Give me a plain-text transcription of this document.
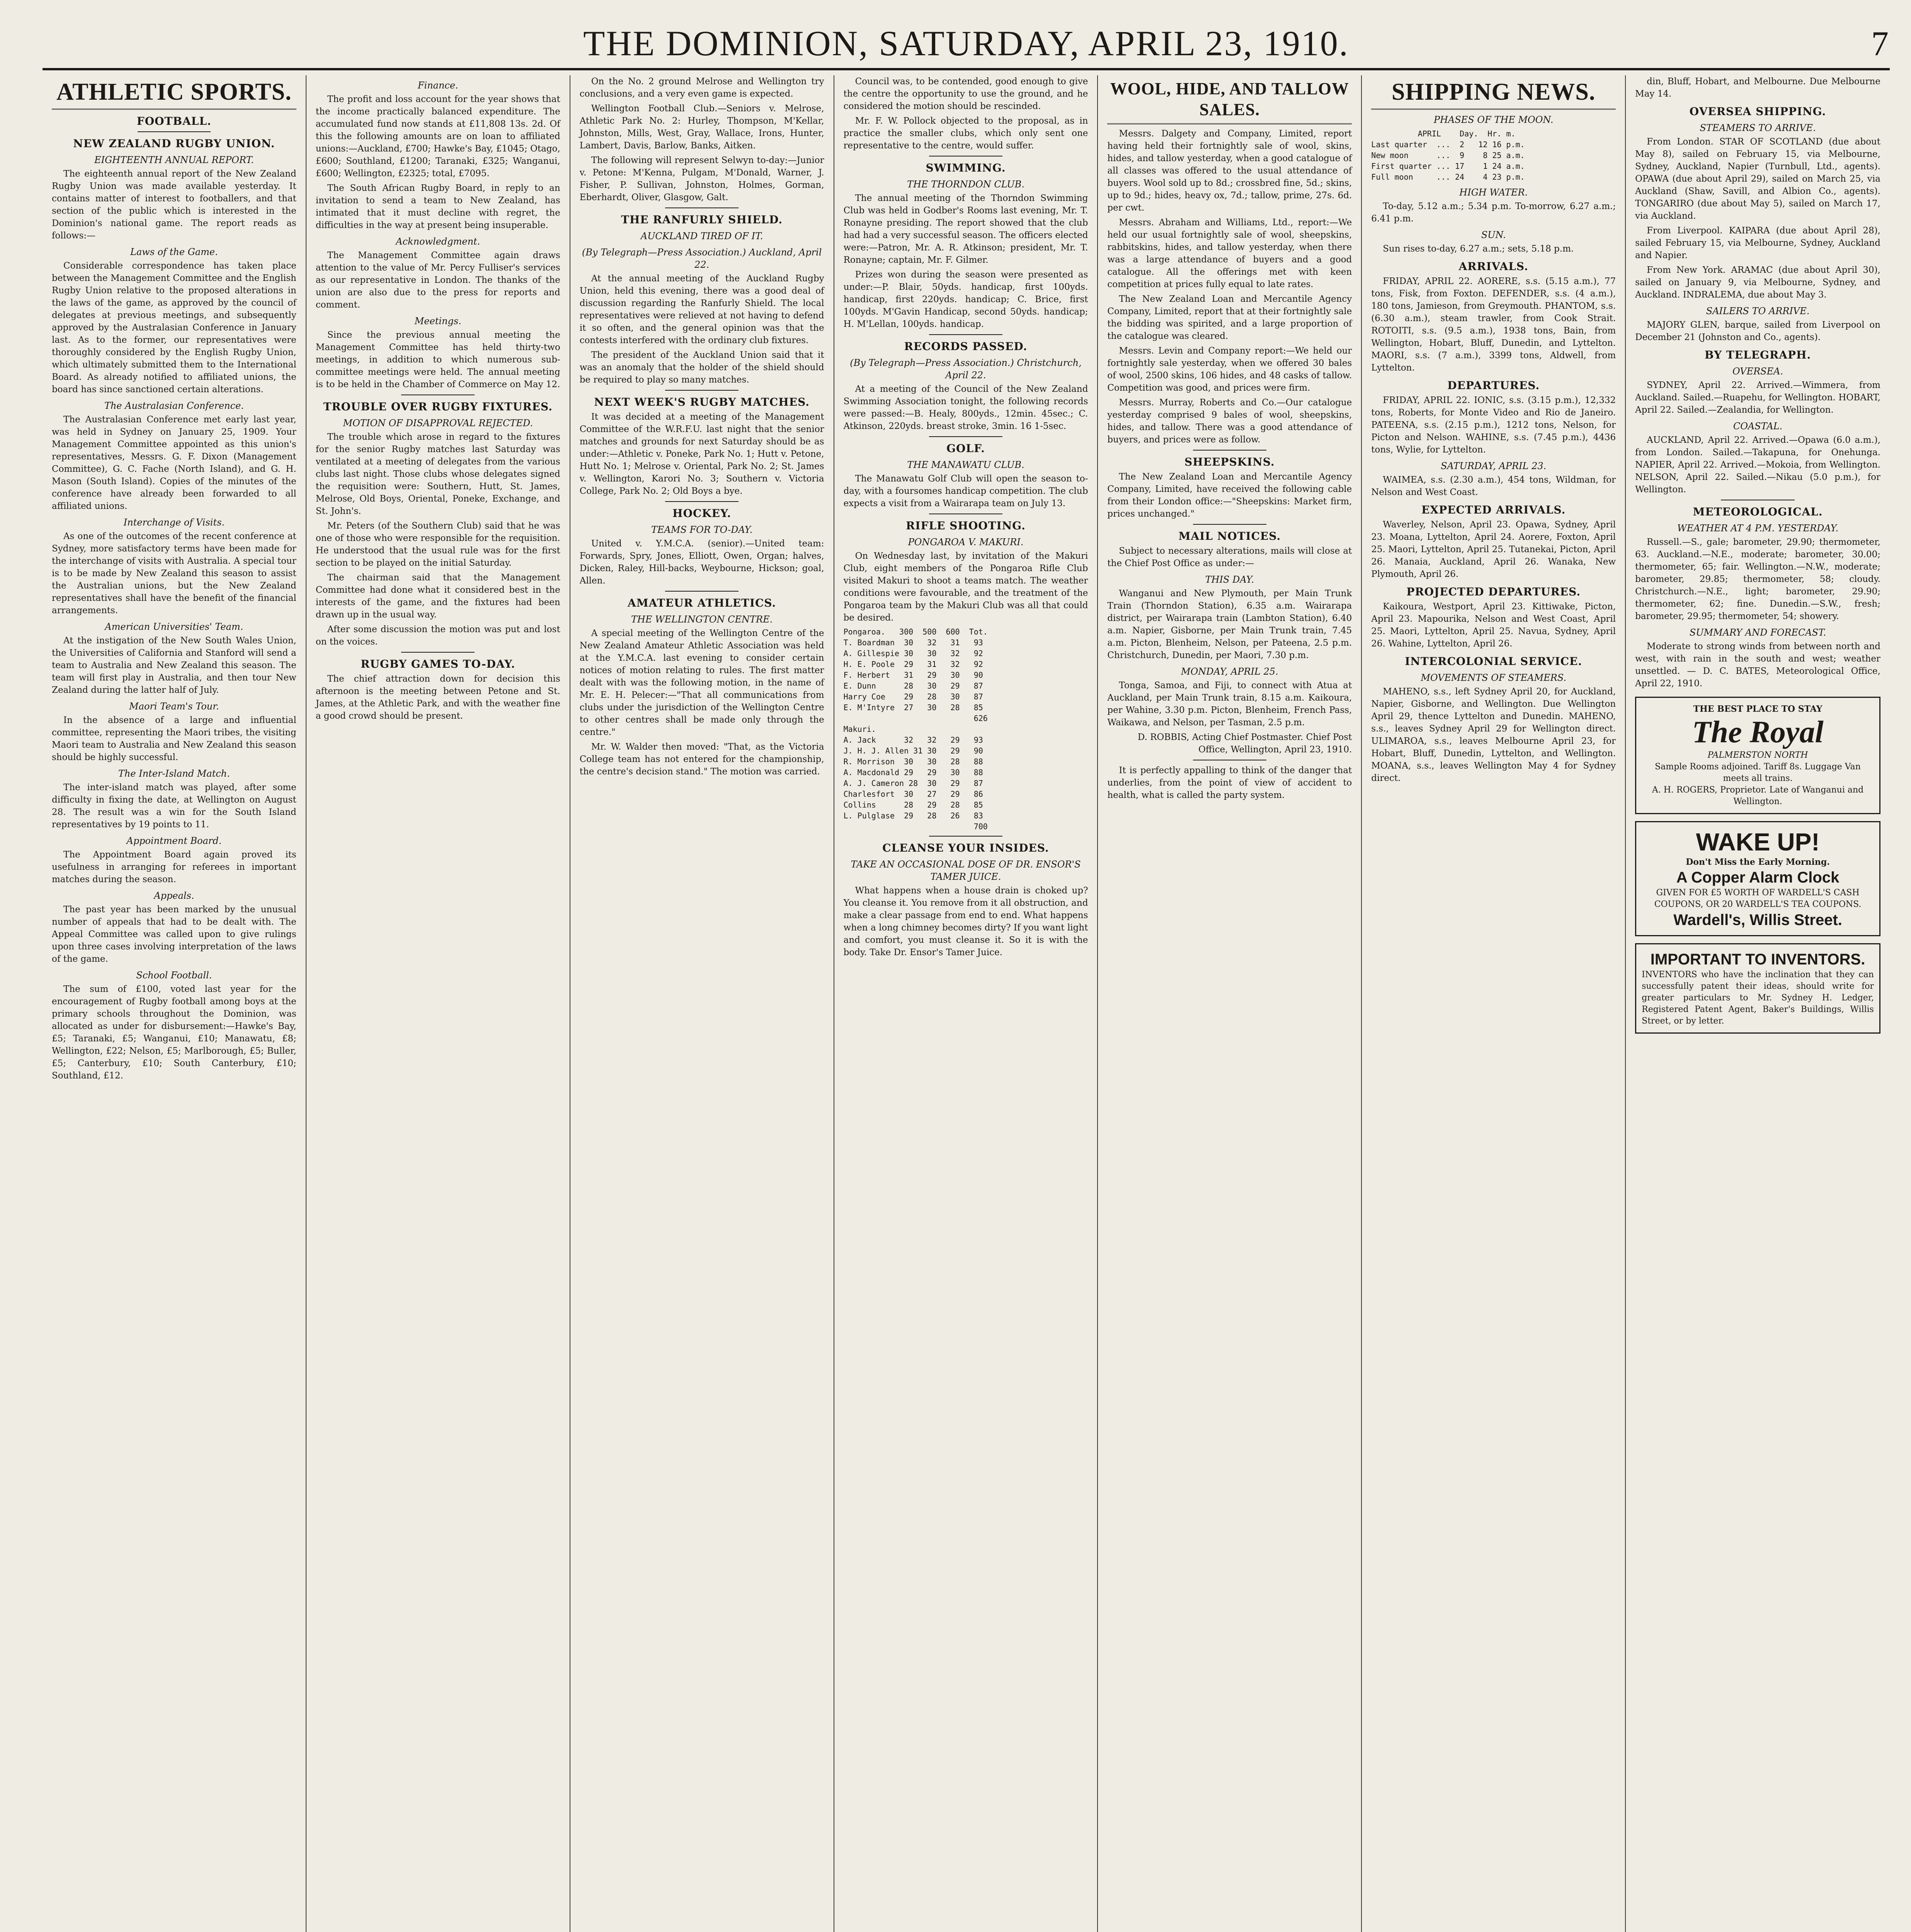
THE DOMINION, SATURDAY, APRIL 23, 1910.	7
ATHLETIC SPORTS.
FOOTBALL.
NEW ZEALAND RUGBY UNION.
EIGHTEENTH ANNUAL REPORT.

The eighteenth annual report of the New Zealand Rugby Union was made available yesterday. It contains matter of interest to footballers, and that section of the public which is interested in the Dominion's national game. The report reads as follows:—

Laws of the Game.

Considerable correspondence has taken place between the Management Committee and the English Rugby Union relative to the proposed alterations in the laws of the game, as approved by the council of delegates at previous meetings, and subsequently approved by the Australasian Conference in January last. As to the former, our representatives were thoroughly considered by the English Rugby Union, which ultimately submitted them to the International Board. As already notified to affiliated unions, the board has since sanctioned certain alterations.

The Australasian Conference.

The Australasian Conference met early last year, was held in Sydney on January 25, 1909. Your Management Committee appointed as this union's representatives, Messrs. G. F. Dixon (Management Committee), G. C. Fache (North Island), and G. H. Mason (South Island). Copies of the minutes of the conference have already been forwarded to all affiliated unions.

Interchange of Visits.

As one of the outcomes of the recent conference at Sydney, more satisfactory terms have been made for the interchange of visits with Australia. A special tour is to be made by New Zealand this season to assist the Australian unions, but the New Zealand representatives shall have the benefit of the financial arrangements.

American Universities' Team.

At the instigation of the New South Wales Union, the Universities of California and Stanford will send a team to Australia and New Zealand this season. The team will first play in Australia, and then tour New Zealand during the latter half of July.

Maori Team's Tour.

In the absence of a large and influential committee, representing the Maori tribes, the visiting Maori team to Australia and New Zealand this season should be highly successful.

The Inter-Island Match.

The inter-island match was played, after some difficulty in fixing the date, at Wellington on August 28. The result was a win for the South Island representatives by 19 points to 11.

Appointment Board.

The Appointment Board again proved its usefulness in arranging for referees in important matches during the season.

Appeals.

The past year has been marked by the unusual number of appeals that had to be dealt with. The Appeal Committee was called upon to give rulings upon three cases involving interpretation of the laws of the game.

School Football.

The sum of £100, voted last year for the encouragement of Rugby football among boys at the primary schools throughout the Dominion, was allocated as under for disbursement:—Hawke's Bay, £5; Taranaki, £5; Wanganui, £10; Manawatu, £8; Wellington, £22; Nelson, £5; Marlborough, £5; Buller, £5; Canterbury, £10; South Canterbury, £10; Southland, £12.

Finance.

The profit and loss account for the year shows that the income practically balanced expenditure. The accumulated fund now stands at £11,808 13s. 2d. Of this the following amounts are on loan to affiliated unions:—Auckland, £700; Hawke's Bay, £1045; Otago, £600; Southland, £1200; Taranaki, £325; Wanganui, £600; Wellington, £2325; total, £7095.

The South African Rugby Board, in reply to an invitation to send a team to New Zealand, has intimated that it must decline with regret, the difficulties in the way at present being insuperable.

Acknowledgment.

The Management Committee again draws attention to the value of Mr. Percy Fulliser's services as our representative in London. The thanks of the union are also due to the press for reports and comment.

Meetings.

Since the previous annual meeting the Management Committee has held thirty-two meetings, in addition to which numerous sub-committee meetings were held. The annual meeting is to be held in the Chamber of Commerce on May 12.

TROUBLE OVER RUGBY FIXTURES.
MOTION OF DISAPPROVAL REJECTED.

The trouble which arose in regard to the fixtures for the senior Rugby matches last Saturday was ventilated at a meeting of delegates from the various clubs last night. Those clubs whose delegates signed the requisition were: Southern, Hutt, St. James, Melrose, Old Boys, Oriental, Poneke, Exchange, and St. John's.

Mr. Peters (of the Southern Club) said that he was one of those who were responsible for the requisition. He understood that the usual rule was for the first section to be played on the initial Saturday.

The chairman said that the Management Committee had done what it considered best in the interests of the game, and the fixtures had been drawn up in the usual way.

After some discussion the motion was put and lost on the voices.

RUGBY GAMES TO-DAY.

The chief attraction down for decision this afternoon is the meeting between Petone and St. James, at the Athletic Park, and with the weather fine a good crowd should be present.

On the No. 2 ground Melrose and Wellington try conclusions, and a very even game is expected.

Wellington Football Club.—Seniors v. Melrose, Athletic Park No. 2: Hurley, Thompson, M'Kellar, Johnston, Mills, West, Gray, Wallace, Irons, Hunter, Lambert, Davis, Barlow, Banks, Aitken.

The following will represent Selwyn to-day:—Junior v. Petone: M'Kenna, Pulgam, M'Donald, Warner, J. Fisher, P. Sullivan, Johnston, Holmes, Gorman, Eberhardt, Oliver, Glasgow, Galt.

THE RANFURLY SHIELD.
AUCKLAND TIRED OF IT.
(By Telegraph—Press Association.) Auckland, April 22.

At the annual meeting of the Auckland Rugby Union, held this evening, there was a good deal of discussion regarding the Ranfurly Shield. The local representatives were relieved at not having to defend it so often, and the general opinion was that the contests interfered with the ordinary club fixtures.

The president of the Auckland Union said that it was an anomaly that the holder of the shield should be required to play so many matches.

NEXT WEEK'S RUGBY MATCHES.

It was decided at a meeting of the Management Committee of the W.R.F.U. last night that the senior matches and grounds for next Saturday should be as under:—Athletic v. Poneke, Park No. 1; Hutt v. Petone, Hutt No. 1; Melrose v. Oriental, Park No. 2; St. James v. Wellington, Karori No. 3; Southern v. Victoria College, Park No. 2; Old Boys a bye.

HOCKEY.
TEAMS FOR TO-DAY.

United v. Y.M.C.A. (senior).—United team: Forwards, Spry, Jones, Elliott, Owen, Organ; halves, Dicken, Raley, Hill-backs, Weybourne, Hickson; goal, Allen.

AMATEUR ATHLETICS.
THE WELLINGTON CENTRE.

A special meeting of the Wellington Centre of the New Zealand Amateur Athletic Association was held at the Y.M.C.A. last evening to consider certain notices of motion relating to rules. The first matter dealt with was the following motion, in the name of Mr. E. H. Pelecer:—"That all communications from clubs under the jurisdiction of the Wellington Centre to other centres shall be made only through the centre."

Mr. W. Walder then moved: "That, as the Victoria College team has not entered for the championship, the centre's decision stand." The motion was carried.

Council was, to be contended, good enough to give the centre the opportunity to use the ground, and he considered the motion should be rescinded.

Mr. F. W. Pollock objected to the proposal, as in practice the smaller clubs, which only sent one representative to the centre, would suffer.

SWIMMING.
THE THORNDON CLUB.

The annual meeting of the Thorndon Swimming Club was held in Godber's Rooms last evening, Mr. T. Ronayne presiding. The report showed that the club had had a very successful season. The officers elected were:—Patron, Mr. A. R. Atkinson; president, Mr. T. Ronayne; captain, Mr. F. Gilmer.

Prizes won during the season were presented as under:—P. Blair, 50yds. handicap, first 100yds. handicap, first 220yds. handicap; C. Brice, first 100yds. M'Gavin Handicap, second 50yds. handicap; H. M'Lellan, 100yds. handicap.

RECORDS PASSED.
(By Telegraph—Press Association.) Christchurch, April 22.

At a meeting of the Council of the New Zealand Swimming Association tonight, the following records were passed:—B. Healy, 800yds., 12min. 45sec.; C. Atkinson, 220yds. breast stroke, 3min. 16 1-5sec.

GOLF.
THE MANAWATU CLUB.

The Manawatu Golf Club will open the season to-day, with a foursomes handicap competition. The club expects a visit from a Wairarapa team on July 13.

RIFLE SHOOTING.
PONGAROA V. MAKURI.

On Wednesday last, by invitation of the Makuri Club, eight members of the Pongaroa Rifle Club visited Makuri to shoot a teams match. The weather conditions were favourable, and the treatment of the Pongaroa team by the Makuri Club was all that could be desired.

Pongaroa.   300  500  600  Tot.
T. Boardman  30   32   31   93
A. Gillespie 30   30   32   92
H. E. Poole  29   31   32   92
F. Herbert   31   29   30   90
E. Dunn      28   30   29   87
Harry Coe    29   28   30   87
E. M'Intyre  27   30   28   85
626
Makuri.
A. Jack      32   32   29   93
J. H. J. Allen 31 30   29   90
R. Morrison  30   30   28   88
A. Macdonald 29   29   30   88
A. J. Cameron 28  30   29   87
Charlesfort  30   27   29   86
Collins      28   29   28   85
L. Pulglase  29   28   26   83
700
CLEANSE YOUR INSIDES.
TAKE AN OCCASIONAL DOSE OF DR. ENSOR'S TAMER JUICE.

What happens when a house drain is choked up? You cleanse it. You remove from it all obstruction, and make a clear passage from end to end. What happens when a long chimney becomes dirty? If you want light and comfort, you must cleanse it. So it is with the body. Take Dr. Ensor's Tamer Juice.

WOOL, HIDE, AND TALLOW SALES.

Messrs. Dalgety and Company, Limited, report having held their fortnightly sale of wool, skins, hides, and tallow yesterday, when a good catalogue of all classes was offered to the usual attendance of buyers. Wool sold up to 8d.; crossbred fine, 5d.; skins, up to 9d.; hides, heavy ox, 7d.; tallow, prime, 27s. 6d. per cwt.

Messrs. Abraham and Williams, Ltd., report:—We held our usual fortnightly sale of wool, sheepskins, rabbitskins, hides, and tallow yesterday, when there was a large attendance of buyers and a good catalogue. All the offerings met with keen competition at prices fully equal to late rates.

The New Zealand Loan and Mercantile Agency Company, Limited, report that at their fortnightly sale the bidding was spirited, and a large proportion of the catalogue was cleared.

Messrs. Levin and Company report:—We held our fortnightly sale yesterday, when we offered 30 bales of wool, 2500 skins, 106 hides, and 48 casks of tallow. Competition was good, and prices were firm.

Messrs. Murray, Roberts and Co.—Our catalogue yesterday comprised 9 bales of wool, sheepskins, hides, and tallow. There was a good attendance of buyers, and prices were as follow.

SHEEPSKINS.

The New Zealand Loan and Mercantile Agency Company, Limited, have received the following cable from their London office:—"Sheepskins: Market firm, prices unchanged."

MAIL NOTICES.

Subject to necessary alterations, mails will close at the Chief Post Office as under:—

THIS DAY.

Wanganui and New Plymouth, per Main Trunk Train (Thorndon Station), 6.35 a.m. Wairarapa district, per Wairarapa train (Lambton Station), 6.40 a.m. Napier, Gisborne, per Main Trunk train, 7.45 a.m. Picton, Blenheim, Nelson, per Pateena, 2.5 p.m. Christchurch, Dunedin, per Maori, 7.30 p.m.

MONDAY, APRIL 25.

Tonga, Samoa, and Fiji, to connect with Atua at Auckland, per Main Trunk train, 8.15 a.m. Kaikoura, per Wahine, 3.30 p.m. Picton, Blenheim, French Pass, Waikawa, and Nelson, per Tasman, 2.5 p.m.

D. ROBBIS, Acting Chief Postmaster. Chief Post Office, Wellington, April 23, 1910.

It is perfectly appalling to think of the danger that underlies, from the point of view of accident to health, what is called the party system.

SHIPPING NEWS.
PHASES OF THE MOON.
APRIL    Day.  Hr. m.
Last quarter  ...  2   12 16 p.m.
New moon      ...  9    8 25 a.m.
First quarter ... 17    1 24 a.m.
Full moon     ... 24    4 23 p.m.
HIGH WATER.

To-day, 5.12 a.m.; 5.34 p.m. To-morrow, 6.27 a.m.; 6.41 p.m.

SUN.

Sun rises to-day, 6.27 a.m.; sets, 5.18 p.m.

ARRIVALS.

FRIDAY, APRIL 22. AORERE, s.s. (5.15 a.m.), 77 tons, Fisk, from Foxton. DEFENDER, s.s. (4 a.m.), 180 tons, Jamieson, from Greymouth. PHANTOM, s.s. (6.30 a.m.), steam trawler, from Cook Strait. ROTOITI, s.s. (9.5 a.m.), 1938 tons, Bain, from Wellington, Hobart, Bluff, Dunedin, and Lyttelton. MAORI, s.s. (7 a.m.), 3399 tons, Aldwell, from Lyttelton.

DEPARTURES.

FRIDAY, APRIL 22. IONIC, s.s. (3.15 p.m.), 12,332 tons, Roberts, for Monte Video and Rio de Janeiro. PATEENA, s.s. (2.15 p.m.), 1212 tons, Nelson, for Picton and Nelson. WAHINE, s.s. (7.45 p.m.), 4436 tons, Wylie, for Lyttelton.

SATURDAY, APRIL 23.

WAIMEA, s.s. (2.30 a.m.), 454 tons, Wildman, for Nelson and West Coast.

EXPECTED ARRIVALS.

Waverley, Nelson, April 23. Opawa, Sydney, April 23. Moana, Lyttelton, April 24. Aorere, Foxton, April 25. Maori, Lyttelton, April 25. Tutanekai, Picton, April 26. Manaia, Auckland, April 26. Wanaka, New Plymouth, April 26.

PROJECTED DEPARTURES.

Kaikoura, Westport, April 23. Kittiwake, Picton, April 23. Mapourika, Nelson and West Coast, April 25. Maori, Lyttelton, April 25. Navua, Sydney, April 26. Wahine, Lyttelton, April 26.

INTERCOLONIAL SERVICE.
MOVEMENTS OF STEAMERS.

MAHENO, s.s., left Sydney April 20, for Auckland, Napier, Gisborne, and Wellington. Due Wellington April 29, thence Lyttelton and Dunedin. MAHENO, s.s., leaves Sydney April 29 for Wellington direct. ULIMAROA, s.s., leaves Melbourne April 23, for Hobart, Bluff, Dunedin, Lyttelton, and Wellington. MOANA, s.s., leaves Wellington May 4 for Sydney direct.

din, Bluff, Hobart, and Melbourne. Due Melbourne May 14.

OVERSEA SHIPPING.
STEAMERS TO ARRIVE.

From London. STAR OF SCOTLAND (due about May 8), sailed on February 15, via Melbourne, Sydney, Auckland, Napier (Turnbull, Ltd., agents). OPAWA (due about April 29), sailed on March 25, via Auckland (Shaw, Savill, and Albion Co., agents). TONGARIRO (due about May 5), sailed on March 17, via Auckland.

From Liverpool. KAIPARA (due about April 28), sailed February 15, via Melbourne, Sydney, Auckland and Napier.

From New York. ARAMAC (due about April 30), sailed on January 9, via Melbourne, Sydney, and Auckland. INDRALEMA, due about May 3.

SAILERS TO ARRIVE.

MAJORY GLEN, barque, sailed from Liverpool on December 21 (Johnston and Co., agents).

BY TELEGRAPH.
OVERSEA.

SYDNEY, April 22. Arrived.—Wimmera, from Auckland. Sailed.—Ruapehu, for Wellington. HOBART, April 22. Sailed.—Zealandia, for Wellington.

COASTAL.

AUCKLAND, April 22. Arrived.—Opawa (6.0 a.m.), from London. Sailed.—Takapuna, for Onehunga. NAPIER, April 22. Arrived.—Mokoia, from Wellington. NELSON, April 22. Sailed.—Nikau (5.0 p.m.), for Wellington.

METEOROLOGICAL.
WEATHER AT 4 P.M. YESTERDAY.

Russell.—S., gale; barometer, 29.90; thermometer, 63. Auckland.—N.E., moderate; barometer, 30.00; thermometer, 65; fair. Wellington.—N.W., moderate; barometer, 29.85; thermometer, 58; cloudy. Christchurch.—N.E., light; barometer, 29.90; thermometer, 62; fine. Dunedin.—S.W., fresh; barometer, 29.95; thermometer, 54; showery.

SUMMARY AND FORECAST.

Moderate to strong winds from between north and west, with rain in the south and west; weather unsettled. — D. C. BATES, Meteorological Office, April 22, 1910.

THE BEST PLACE TO STAY
The Royal
PALMERSTON NORTH
Sample Rooms adjoined. Tariff 8s. Luggage Van meets all trains.
A. H. ROGERS, Proprietor. Late of Wanganui and Wellington.
WAKE UP!
Don't Miss the Early Morning.
A Copper Alarm Clock
GIVEN FOR £5 WORTH OF WARDELL'S CASH COUPONS, OR 20 WARDELL'S TEA COUPONS.
Wardell's, Willis Street.
IMPORTANT TO INVENTORS.
INVENTORS who have the inclination that they can successfully patent their ideas, should write for greater particulars to Mr. Sydney H. Ledger, Registered Patent Agent, Baker's Buildings, Willis Street, or by letter.
